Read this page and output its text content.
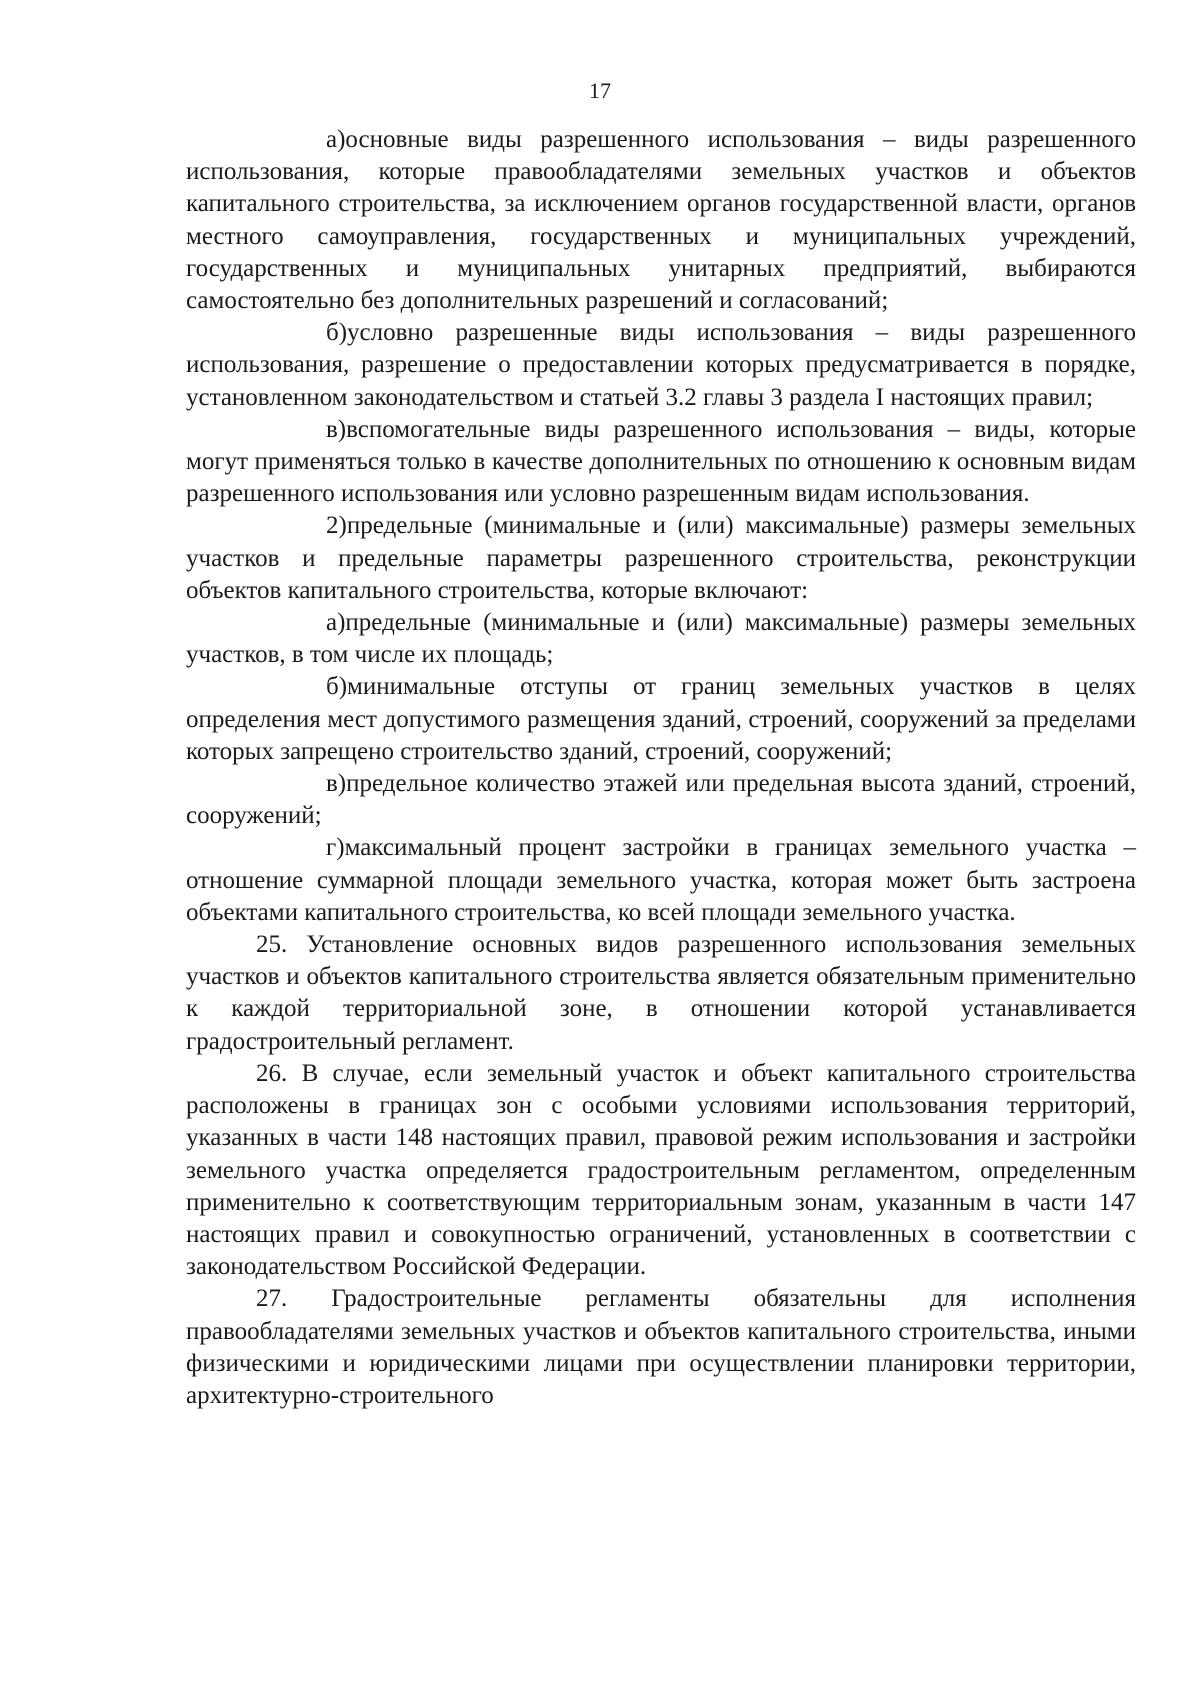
17

а)основные виды разрешенного использования – виды разрешенного использования, которые правообладателями земельных участков и объектов капитального строительства, за исключением органов государственной власти, органов местного самоуправления, государственных и муниципальных учреждений, государственных и муниципальных унитарных предприятий, выбираются самостоятельно без дополнительных разрешений и согласований;

б)условно разрешенные виды использования – виды разрешенного использования, разрешение о предоставлении которых предусматривается в порядке, установленном законодательством и статьей 3.2 главы 3 раздела I настоящих правил;

в)вспомогательные виды разрешенного использования – виды, которые могут применяться только в качестве дополнительных по отношению к основным видам разрешенного использования или условно разрешенным видам использования.

2)предельные (минимальные и (или) максимальные) размеры земельных участков и предельные параметры разрешенного строительства, реконструкции объектов капитального строительства, которые включают:

а)предельные (минимальные и (или) максимальные) размеры земельных участков, в том числе их площадь;

б)минимальные отступы от границ земельных участков в целях определения мест допустимого размещения зданий, строений, сооружений за пределами которых запрещено строительство зданий, строений, сооружений;

в)предельное количество этажей или предельная высота зданий, строений, сооружений;

г)максимальный процент застройки в границах земельного участка – отношение суммарной площади земельного участка, которая может быть застроена объектами капитального строительства, ко всей площади земельного участка.

25. Установление основных видов разрешенного использования земельных участков и объектов капитального строительства является обязательным применительно к каждой территориальной зоне, в отношении которой устанавливается градостроительный регламент.

26. В случае, если земельный участок и объект капитального строительства расположены в границах зон с особыми условиями использования территорий, указанных в части 148 настоящих правил, правовой режим использования и застройки земельного участка определяется градостроительным регламентом, определенным применительно к соответствующим территориальным зонам, указанным в части 147 настоящих правил и совокупностью ограничений, установленных в соответствии с законодательством Российской Федерации.

27. Градостроительные регламенты обязательны для исполнения правообладателями земельных участков и объектов капитального строительства, иными физическими и юридическими лицами при осуществлении планировки территории, архитектурно-строительного
